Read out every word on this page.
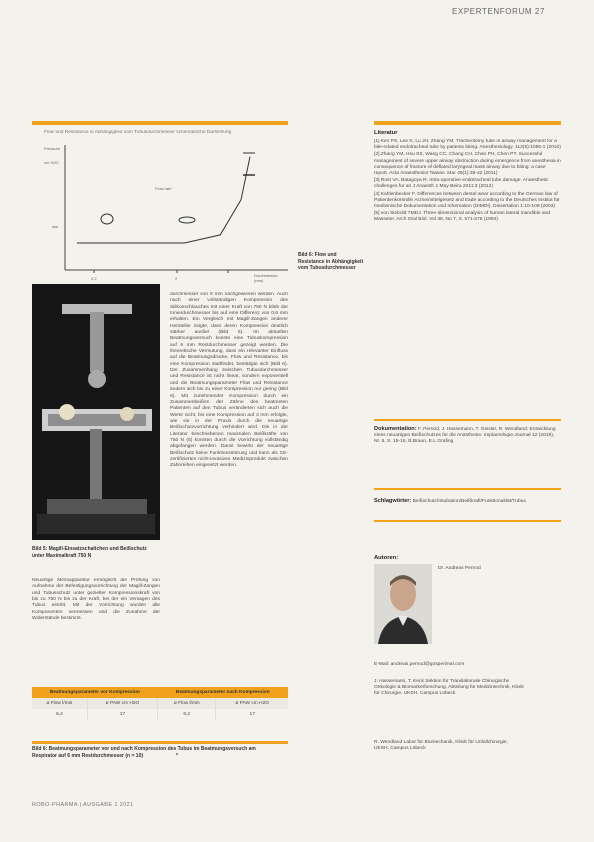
EXPERTENFORUM 27
Flow und Resistance in Abhängigkeit vom Tubusdurchmesser schematische Darstellung
Pressure
cm H2O
Flow rate
0,2	2
Durchmesser (mm)
Bild 6: Flow und Resistance in Abhängigkeit vom Tubusdurchmesser
Bild 5: Magill-Einsatzschaltchen und Beißschutz unter Maximalkraft 750 N

Neuartige Messapparatur ermöglicht die Prüfung von Aufnahme der Befestigungsvorrichtung der Magill-Zangen und Tubusschutz unter gezielter Kompressionskraft von bis zu 750 N bis zu der Kraft, bei der ein Versagen des Tubus eintritt. Mit der Vorrichtung wurden alle Komponenten vermessen und die Zunahme der Widerstände bestimmt.

durchmesser von 8 mm nachgewiesen werden. Auch nach einer vollständigen Kompression des Silikonschlauches mit einer Kraft von 750 N blieb der Innendurchmesser bis auf eine Differenz von 0,6 mm erhalten. Ein Vergleich mit Magill-Zangen anderer Hersteller zeigte, dass deren Kompression deutlich stärker ausfiel (Bild 5). Im aktuellen Beatmungsversuch konnte eine Tubuskompression auf 6 mm Restdurchmesser gezeigt werden. Die theoretische Vermutung, dass ein relevanter Einfluss auf die Beatmungsdrücke, Flow und Resistance, bis eine Kompression stattfindet, bestätigte sich (Bild 6). Der Zusammenhang zwischen Tubusdurchmesser und Resistance ist nicht linear, sondern exponentiell und die Beatmungsparameter Flow und Resistance ändern sich bis zu einer Kompression nur gering (Bild 6). Mit zunehmender Kompression durch ein Zusammenbeißen der Zähne des beatmeten Patienten auf den Tubus veränderten sich auch die Werte nicht, bis eine Kompression auf 3 mm erfolgte, wie sie in der Praxis durch die neuartige Beißschutzvorrichtung verhindert wird. Die in der Literatur beschriebenen maximalen Beißkräfte von 750 N (5) konnten durch die Vorrichtung vollständig abgefangen werden. Damit bewirkt der neuartige Beißschutz keine Funktionsstörung und kann als CE-zertifiziertes nicht-invasives Medizinprodukt zwischen Zahnreihen eingesetzt werden.

Beatmungsparameter vor Kompression		Beatmungsparameter nach Kompression	
ø Flow l/min	ø PAW cm H2O	ø Flow l/min	ø PAW cm H2O
6,4	17	6,2	17
Bild 6: Beatmungsparameter vor und nach Kompression des Tubus im Beatmungsversuch am Respirator auf 6 mm Restdurchmesser (n = 10)	*
Literatur
[1] Kim PS, Lee K, Lu JH, Zhang YM, Tracheotomy tube in airway management for a bite-related endotracheal tube by patients biting. Anesthesiology. 112(5):1055-1 (2010)
[2] Zhang YM, Hsu SS, Wang CC, Chang CH, Chan PH, Chen PT. Successful management of severe upper airway obstruction during emergence from anesthesia in consequence of fracture of deflated laryngeal mask airway due to biting: a case report. Acta Anaesthesiol Taiwan. Mar 49(1):36-42 (2011)
[3] Rost VA, Batagoya R. Intra-operative endotracheal tube damage. Anaesthetic challenges for an J Anaesth 1 May Beira 2011:3 (2012)
[4] Kahlenbecker F. Differences between dental wear according to the German law of Patientenkontrolle Arzneimittelgesetz and trade according to the Deutsches Institut für medizinische Dokumentation und Information (DIMDI), Dissertation 1:10-108 (2003)
[5] von Siebold TMDJ. Three-dimensional analysis of human lateral mandible and Masseter. Arch Oral Biol. Vol 38, No 7, S. 571-576 (1994)
Dokumentation: F. Pernod, J. Hassemann, T. Geisler, R. Wendland: Entwicklung eines neuartigen Beißschutzes für die Anästhesie. Implantologie-Journal 12 (2019), Nr. 6, S. 15-16, B.Braun, E.L.Grafing
Schlagwörter: Beißschutz/Intubation/Beißkraft/Funktionalität/Tubus
Autoren:
Dr. Andreas Pernod
E-Mail: andreas.pernod@gosperimal.com
J. Hassemann, T. Keck Sektion für Translationale Chirurgische Onkologie & Biomarkerforschung, Abteilung für Medizintechnik, Klinik für Chirurgie, UKSH, Campus Lübeck
R. Wendland Labor für Biomechanik, Klinik für Unfallchirurgie, UKSH, Campus Lübeck
ROBO-PHARMA | AUSGABE 1 2021
